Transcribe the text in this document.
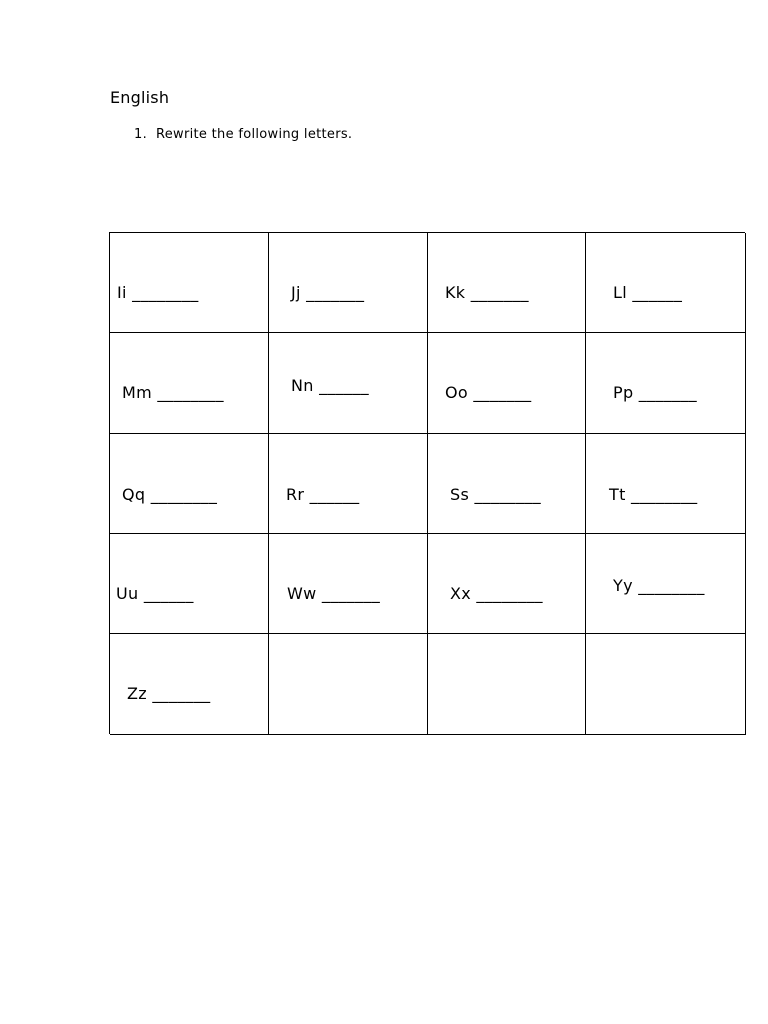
English
1. Rewrite the following letters.
Ii ________	Jj _______	Kk _______	Ll ______
Mm ________	Nn ______	Oo _______	Pp _______
Qq ________	Rr ______	Ss ________	Tt ________
Uu ______	Ww _______	Xx ________	Yy ________
Zz _______
